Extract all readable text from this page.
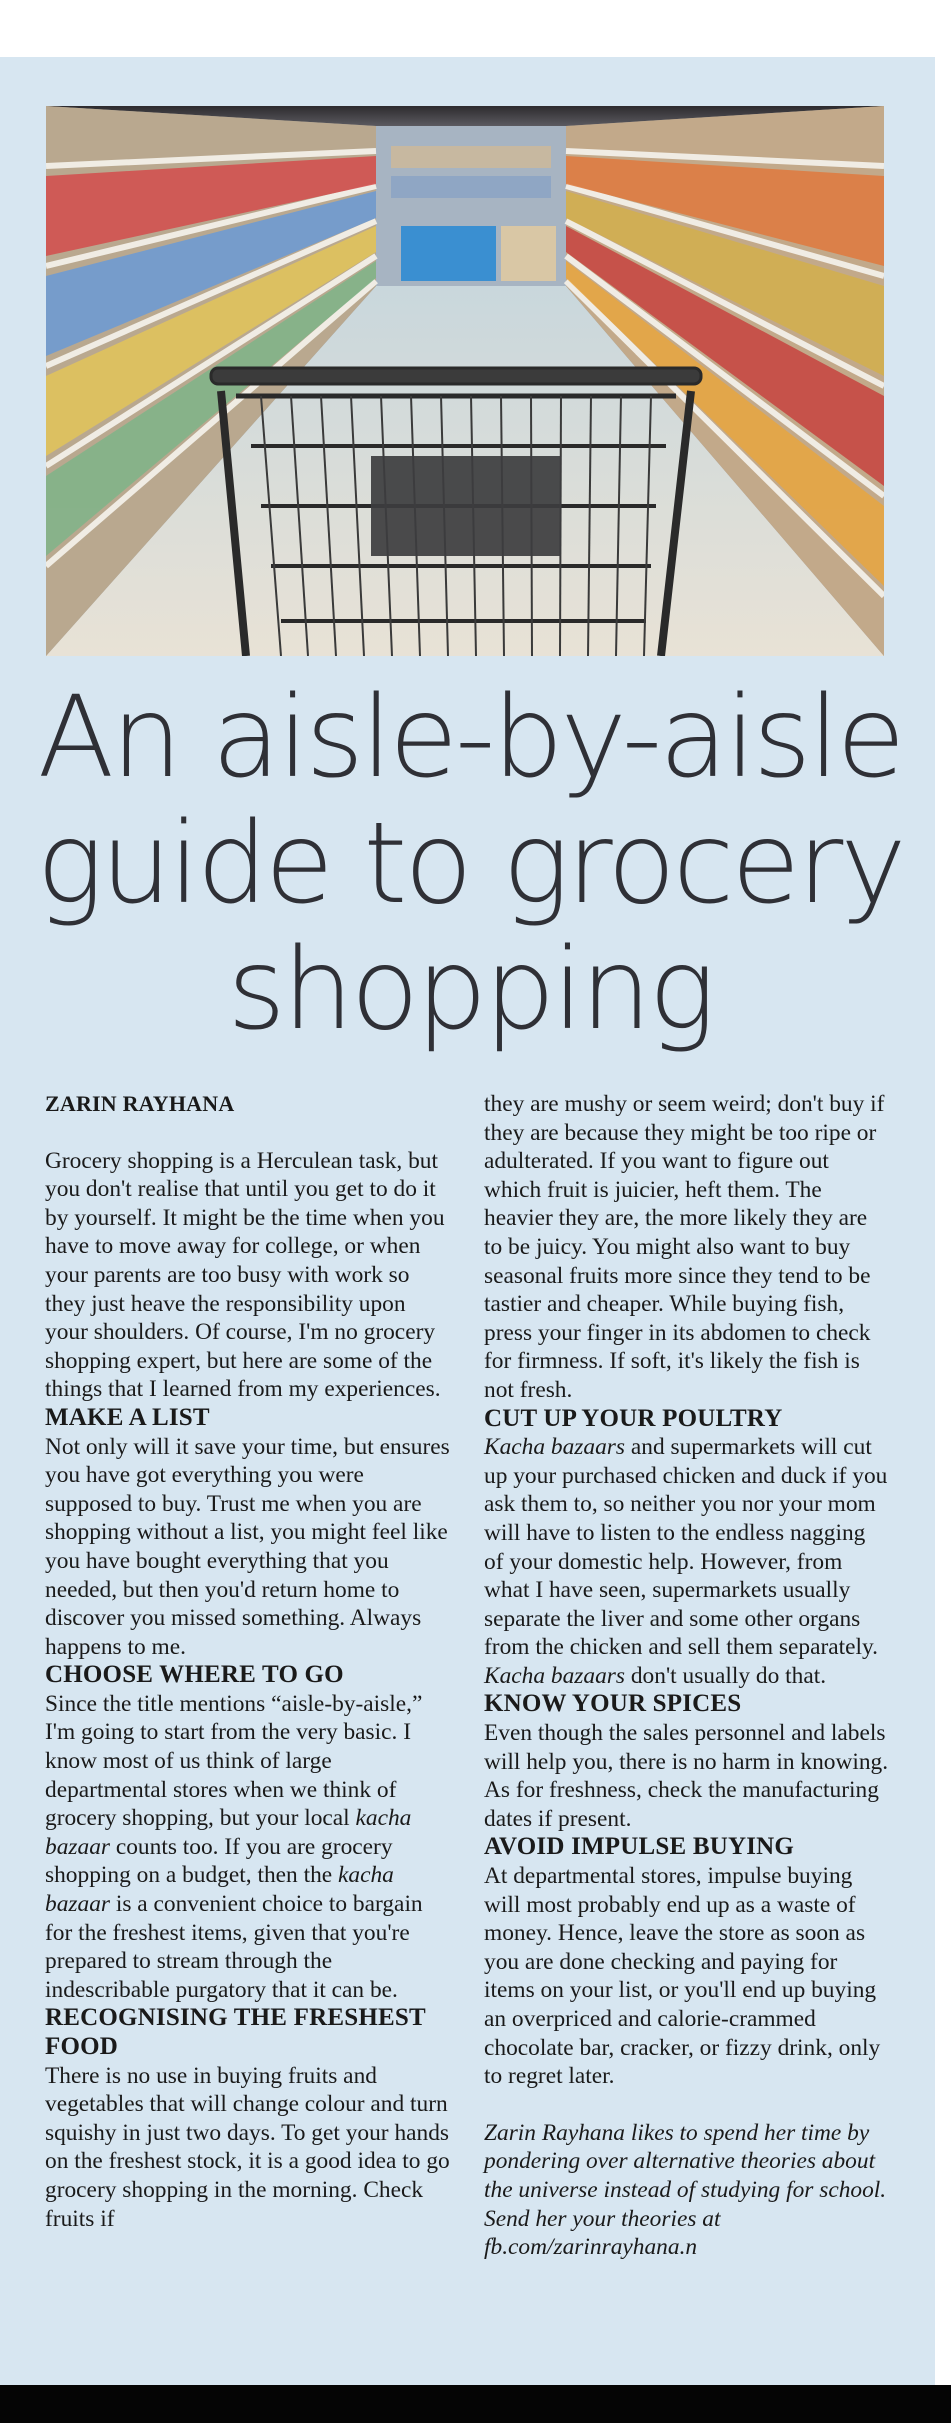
An aisle-by-aisle
guide to grocery
shopping

ZARIN RAYHANA

Grocery shopping is a Herculean task, but you don't realise that until you get to do it by yourself. It might be the time when you have to move away for college, or when your parents are too busy with work so they just heave the responsibility upon your shoulders. Of course, I'm no grocery shopping expert, but here are some of the things that I learned from my experiences.

MAKE A LIST

Not only will it save your time, but ensures you have got everything you were supposed to buy. Trust me when you are shopping without a list, you might feel like you have bought everything that you needed, but then you'd return home to discover you missed something. Always happens to me.

CHOOSE WHERE TO GO

Since the title mentions “aisle-by-aisle,” I'm going to start from the very basic. I know most of us think of large departmental stores when we think of grocery shopping, but your local kacha bazaar counts too. If you are grocery shopping on a budget, then the kacha bazaar is a convenient choice to bargain for the freshest items, given that you're prepared to stream through the indescribable purgatory that it can be.

RECOGNISING THE FRESHEST FOOD

There is no use in buying fruits and vegetables that will change colour and turn squishy in just two days. To get your hands on the freshest stock, it is a good idea to go grocery shopping in the morning. Check fruits if

they are mushy or seem weird; don't buy if they are because they might be too ripe or adulterated. If you want to figure out which fruit is juicier, heft them. The heavier they are, the more likely they are to be juicy. You might also want to buy seasonal fruits more since they tend to be tastier and cheaper. While buying fish, press your finger in its abdomen to check for firmness. If soft, it's likely the fish is not fresh.

CUT UP YOUR POULTRY

Kacha bazaars and supermarkets will cut up your purchased chicken and duck if you ask them to, so neither you nor your mom will have to listen to the endless nagging of your domestic help. However, from what I have seen, supermarkets usually separate the liver and some other organs from the chicken and sell them separately. Kacha bazaars don't usually do that.

KNOW YOUR SPICES

Even though the sales personnel and labels will help you, there is no harm in knowing. As for freshness, check the manufacturing dates if present.

AVOID IMPULSE BUYING

At departmental stores, impulse buying will most probably end up as a waste of money. Hence, leave the store as soon as you are done checking and paying for items on your list, or you'll end up buying an overpriced and calorie-crammed chocolate bar, cracker, or fizzy drink, only to regret later.

Zarin Rayhana likes to spend her time by pondering over alternative theories about the universe instead of studying for school. Send her your theories at fb.com/zarinrayhana.n
